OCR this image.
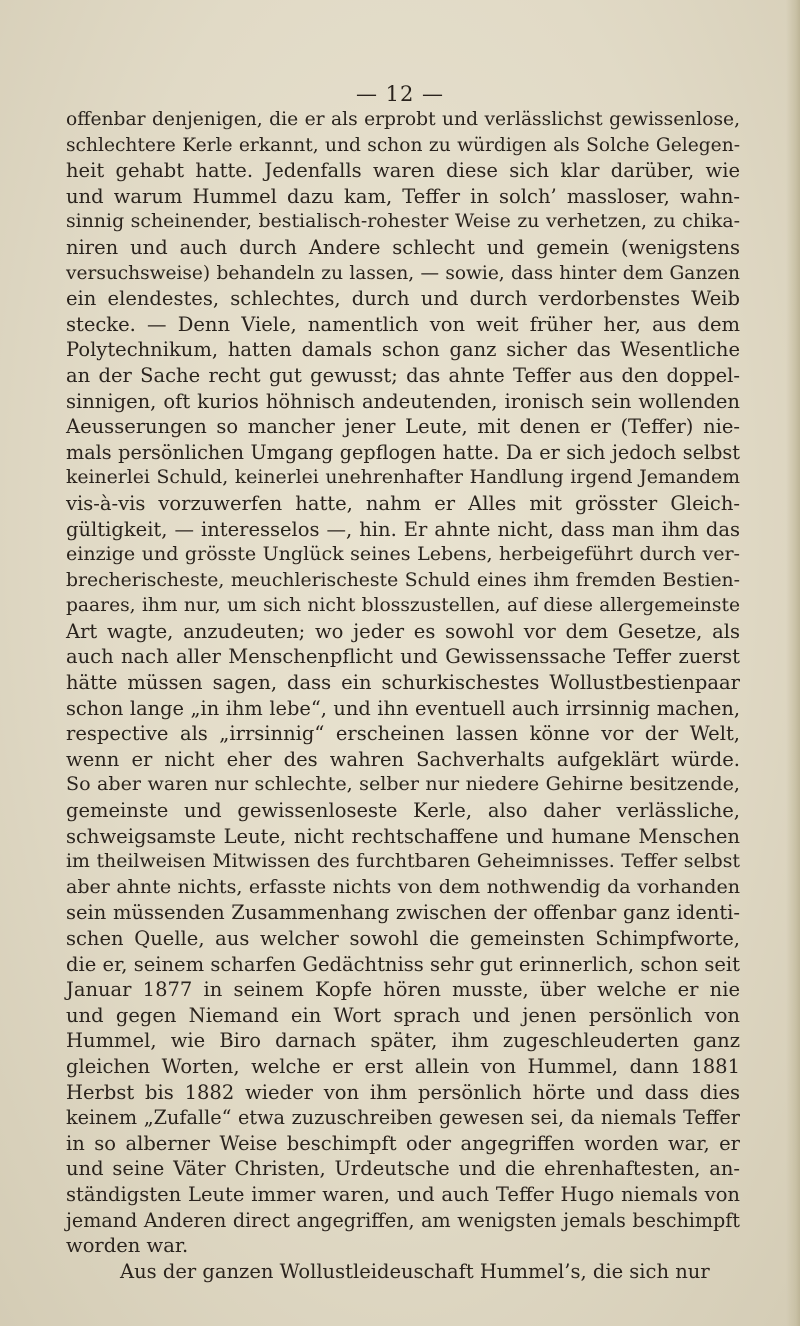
— 12 —
offenbar denjenigen, die er als erprobt und verlässlichst gewissenlose,
schlechtere Kerle erkannt, und schon zu würdigen als Solche Gelegen-
heit gehabt hatte. Jedenfalls waren diese sich klar darüber, wie
und warum Hummel dazu kam, Teffer in solch’ massloser, wahn-
sinnig scheinender, bestialisch-rohester Weise zu verhetzen, zu chika-
niren und auch durch Andere schlecht und gemein (wenigstens
versuchsweise) behandeln zu lassen, — sowie, dass hinter dem Ganzen
ein elendestes, schlechtes, durch und durch verdorbenstes Weib
stecke. — Denn Viele, namentlich von weit früher her, aus dem
Polytechnikum, hatten damals schon ganz sicher das Wesentliche
an der Sache recht gut gewusst; das ahnte Teffer aus den doppel-
sinnigen, oft kurios höhnisch andeutenden, ironisch sein wollenden
Aeusserungen so mancher jener Leute, mit denen er (Teffer) nie-
mals persönlichen Umgang gepflogen hatte. Da er sich jedoch selbst
keinerlei Schuld, keinerlei unehrenhafter Handlung irgend Jemandem
vis-à-vis vorzuwerfen hatte, nahm er Alles mit grösster Gleich-
gültigkeit, — interesselos —, hin. Er ahnte nicht, dass man ihm das
einzige und grösste Unglück seines Lebens, herbeigeführt durch ver-
brecherischeste, meuchlerischeste Schuld eines ihm fremden Bestien-
paares, ihm nur, um sich nicht blosszustellen, auf diese allergemeinste
Art wagte, anzudeuten; wo jeder es sowohl vor dem Gesetze, als
auch nach aller Menschenpflicht und Gewissenssache Teffer zuerst
hätte müssen sagen, dass ein schurkischestes Wollustbestienpaar
schon lange „in ihm lebe“, und ihn eventuell auch irrsinnig machen,
respective als „irrsinnig“ erscheinen lassen könne vor der Welt,
wenn er nicht eher des wahren Sachverhalts aufgeklärt würde.
So aber waren nur schlechte, selber nur niedere Gehirne besitzende,
gemeinste und gewissenloseste Kerle, also daher verlässliche,
schweigsamste Leute, nicht rechtschaffene und humane Menschen
im theilweisen Mitwissen des furchtbaren Geheimnisses. Teffer selbst
aber ahnte nichts, erfasste nichts von dem nothwendig da vorhanden
sein müssenden Zusammenhang zwischen der offenbar ganz identi-
schen Quelle, aus welcher sowohl die gemeinsten Schimpfworte,
die er, seinem scharfen Gedächtniss sehr gut erinnerlich, schon seit
Januar 1877 in seinem Kopfe hören musste, über welche er nie
und gegen Niemand ein Wort sprach und jenen persönlich von
Hummel, wie Biro darnach später, ihm zugeschleuderten ganz
gleichen Worten, welche er erst allein von Hummel, dann 1881
Herbst bis 1882 wieder von ihm persönlich hörte und dass dies
keinem „Zufalle“ etwa zuzuschreiben gewesen sei, da niemals Teffer
in so alberner Weise beschimpft oder angegriffen worden war, er
und seine Väter Christen, Urdeutsche und die ehrenhaftesten, an-
ständigsten Leute immer waren, und auch Teffer Hugo niemals von
jemand Anderen direct angegriffen, am wenigsten jemals beschimpft
worden war.
Aus der ganzen Wollustleideuschaft Hummel’s, die sich nur
